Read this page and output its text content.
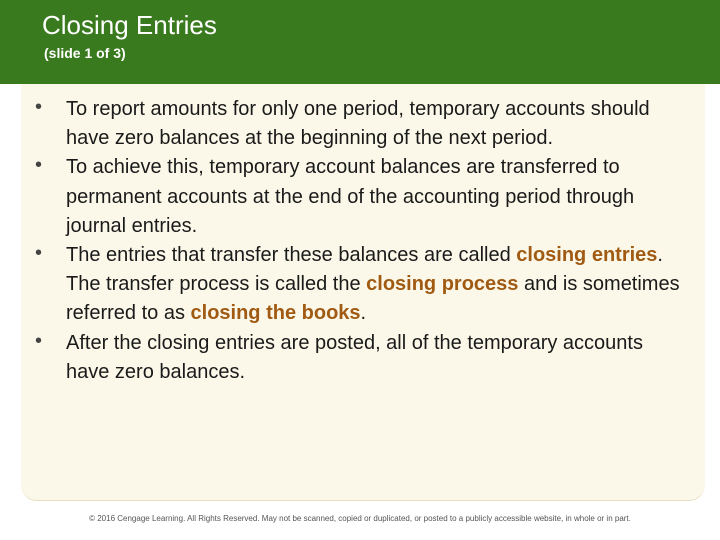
Closing Entries

(slide 1 of 3)

• To report amounts for only one period, temporary accounts should have zero balances at the beginning of the next period.
• To achieve this, temporary account balances are transferred to permanent accounts at the end of the accounting period through journal entries.
• The entries that transfer these balances are called closing entries. The transfer process is called the closing process and is sometimes referred to as closing the books.
• After the closing entries are posted, all of the temporary accounts have zero balances.
© 2016 Cengage Learning. All Rights Reserved. May not be scanned, copied or duplicated, or posted to a publicly accessible website, in whole or in part.
